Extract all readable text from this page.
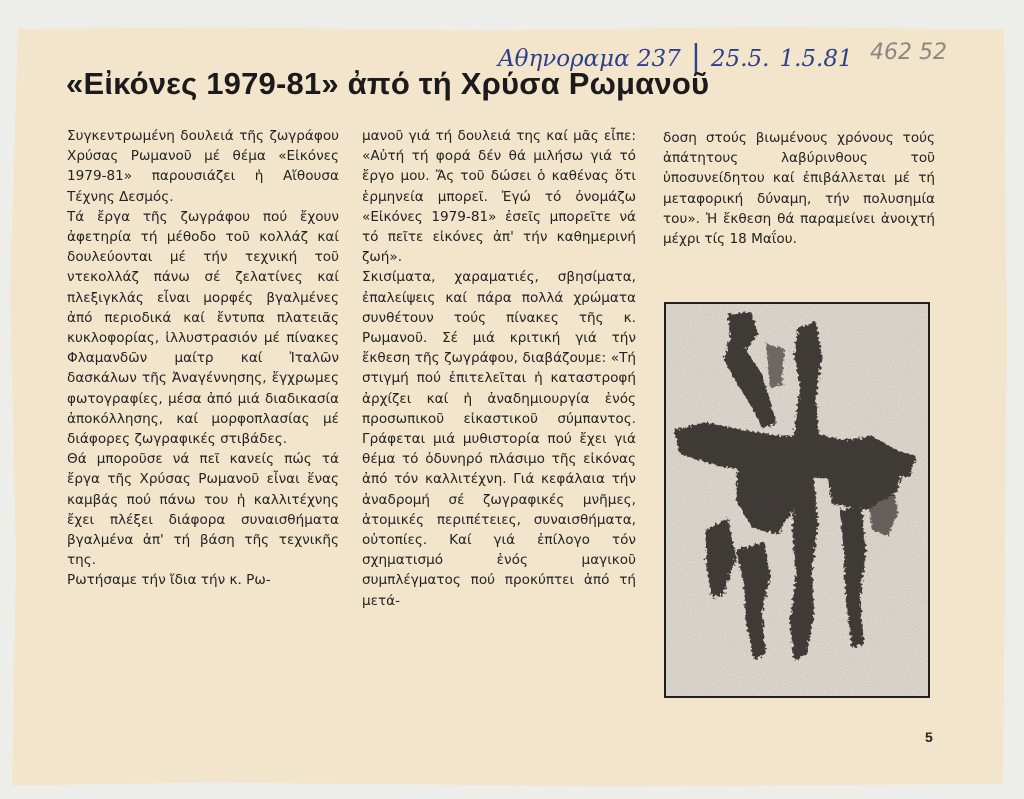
Αθηνοραμα 237 | 25.5. 1.5.81 462 52
«Εἰκόνες 1979-81» ἀπό τή Χρύσα Ρωμανοῦ

Συγκεντρωμένη δουλειά τῆς ζωγράφου Χρύσας Ρωμανοῦ μέ θέμα «Εἰκόνες 1979-81» παρουσιάζει ἡ Αἴθουσα Τέχνης Δεσμός.

Τά ἔργα τῆς ζωγράφου πού ἔχουν ἀφετηρία τή μέθοδο τοῦ κολλάζ καί δουλεύονται μέ τήν τεχνική τοῦ ντεκολλάζ πάνω σέ ζελατίνες καί πλεξιγκλάς εἶναι μορφές βγαλμένες ἀπό περιοδικά καί ἔντυπα πλατειᾶς κυκλοφορίας, ἰλλυστρασιόν μέ πίνακες Φλαμανδῶν μαίτρ καί Ἰταλῶν δασκάλων τῆς Ἀναγέννησης, ἔγχρωμες φωτογραφίες, μέσα ἀπό μιά διαδικασία ἀποκόλλησης, καί μορφοπλασίας μέ διάφορες ζωγραφικές στιβάδες.

Θά μποροῦσε νά πεῖ κανείς πώς τά ἔργα τῆς Χρύσας Ρωμανοῦ εἶναι ἕνας καμβάς πού πάνω του ἡ καλλιτέχνης ἔχει πλέξει διάφορα συναισθήματα βγαλμένα ἀπ' τή βάση τῆς τεχνικῆς της.

Ρωτήσαμε τήν ἴδια τήν κ. Ρω-

μανοῦ γιά τή δουλειά της καί μᾶς εἶπε: «Αὐτή τή φορά δέν θά μιλήσω γιά τό ἔργο μου. Ἄς τοῦ δώσει ὁ καθένας ὅτι ἑρμηνεία μπορεῖ. Ἐγώ τό ὀνομάζω «Εἰκόνες 1979-81» ἐσεῖς μπορεῖτε νά τό πεῖτε εἰκόνες ἀπ' τήν καθημερινή ζωή».

Σκισίματα, χαραματιές, σβησίματα, ἐπαλείψεις καί πάρα πολλά χρώματα συνθέτουν τούς πίνακες τῆς κ. Ρωμανοῦ. Σέ μιά κριτική γιά τήν ἔκθεση τῆς ζωγράφου, διαβάζουμε: «Τή στιγμή πού ἐπιτελεῖται ἡ καταστροφή ἀρχίζει καί ἡ ἀναδημιουργία ἑνός προσωπικοῦ εἰκαστικοῦ σύμπαντος. Γράφεται μιά μυθιστορία πού ἔχει γιά θέμα τό ὀδυνηρό πλάσιμο τῆς εἰκόνας ἀπό τόν καλλιτέχνη. Γιά κεφάλαια τήν ἀναδρομή σέ ζωγραφικές μνῆμες, ἀτομικές περιπέτειες, συναισθήματα, οὐτοπίες. Καί γιά ἐπίλογο τόν σχηματισμό ἑνός μαγικοῦ συμπλέγματος πού προκύπτει ἀπό τή μετά-

δοση στούς βιωμένους χρόνους τούς ἀπάτητους λαβύρινθους τοῦ ὑποσυνείδητου καί ἐπιβάλλεται μέ τή μεταφορική δύναμη, τήν πολυσημία του». Ἡ ἔκθεση θά παραμείνει ἀνοιχτή μέχρι τίς 18 Μαΐου.

5
